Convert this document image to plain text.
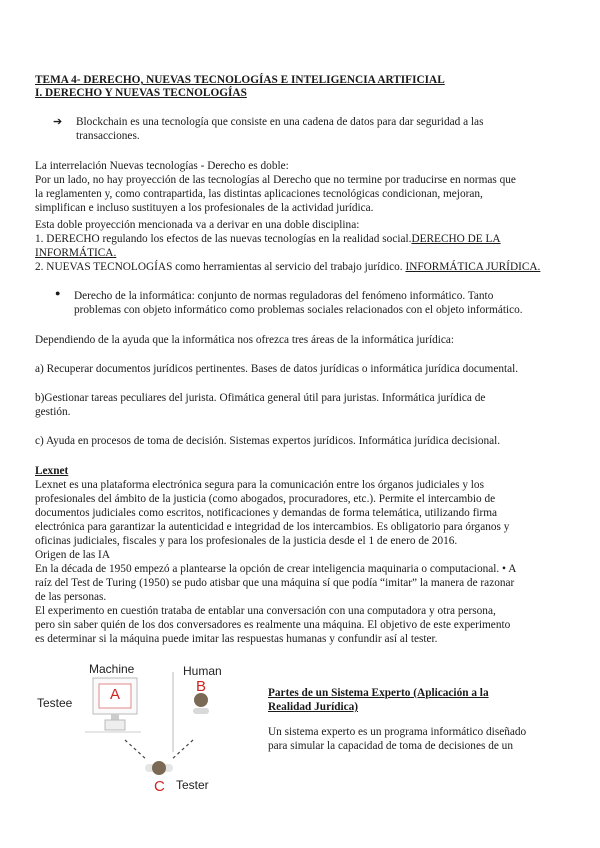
TEMA 4- DERECHO, NUEVAS TECNOLOGÍAS E INTELIGENCIA ARTIFICIAL
I. DERECHO Y NUEVAS TECNOLOGÍAS
➔ Blockchain es una tecnología que consiste en una cadena de datos para dar seguridad a las
transacciones.
La interrelación Nuevas tecnologías - Derecho es doble:
Por un lado, no hay proyección de las tecnologías al Derecho que no termine por traducirse en normas que
la reglamenten y, como contrapartida, las distintas aplicaciones tecnológicas condicionan, mejoran,
simplifican e incluso sustituyen a los profesionales de la actividad jurídica.
Esta doble proyección mencionada va a derivar en una doble disciplina:
1. DERECHO regulando los efectos de las nuevas tecnologías en la realidad social.DERECHO DE LA
INFORMÁTICA.
2. NUEVAS TECNOLOGÍAS como herramientas al servicio del trabajo jurídico. INFORMÁTICA JURÍDICA.
● Derecho de la informática: conjunto de normas reguladoras del fenómeno informático. Tanto
problemas con objeto informático como problemas sociales relacionados con el objeto informático.
Dependiendo de la ayuda que la informática nos ofrezca tres áreas de la informática jurídica:
a) Recuperar documentos jurídicos pertinentes. Bases de datos jurídicas o informática jurídica documental.
b)Gestionar tareas peculiares del jurista. Ofimática general útil para juristas. Informática jurídica de
gestión.
c) Ayuda en procesos de toma de decisión. Sistemas expertos jurídicos. Informática jurídica decisional.
Lexnet
Lexnet es una plataforma electrónica segura para la comunicación entre los órganos judiciales y los
profesionales del ámbito de la justicia (como abogados, procuradores, etc.). Permite el intercambio de
documentos judiciales como escritos, notificaciones y demandas de forma telemática, utilizando firma
electrónica para garantizar la autenticidad e integridad de los intercambios. Es obligatorio para órganos y
oficinas judiciales, fiscales y para los profesionales de la justicia desde el 1 de enero de 2016.
Origen de las IA
En la década de 1950 empezó a plantearse la opción de crear inteligencia maquinaria o computacional. • A
raíz del Test de Turing (1950) se pudo atisbar que una máquina sí que podía “imitar” la manera de razonar
de las personas.
El experimento en cuestión trataba de entablar una conversación con una computadora y otra persona,
pero sin saber quién de los dos conversadores es realmente una máquina. El objetivo de este experimento
es determinar si la máquina puede imitar las respuestas humanas y confundir así al tester.
Machine	Human
Testee
Tester
A	B
C
Partes de un Sistema Experto (Aplicación a la
Realidad Jurídica)
Un sistema experto es un programa informático diseñado
para simular la capacidad de toma de decisiones de un
